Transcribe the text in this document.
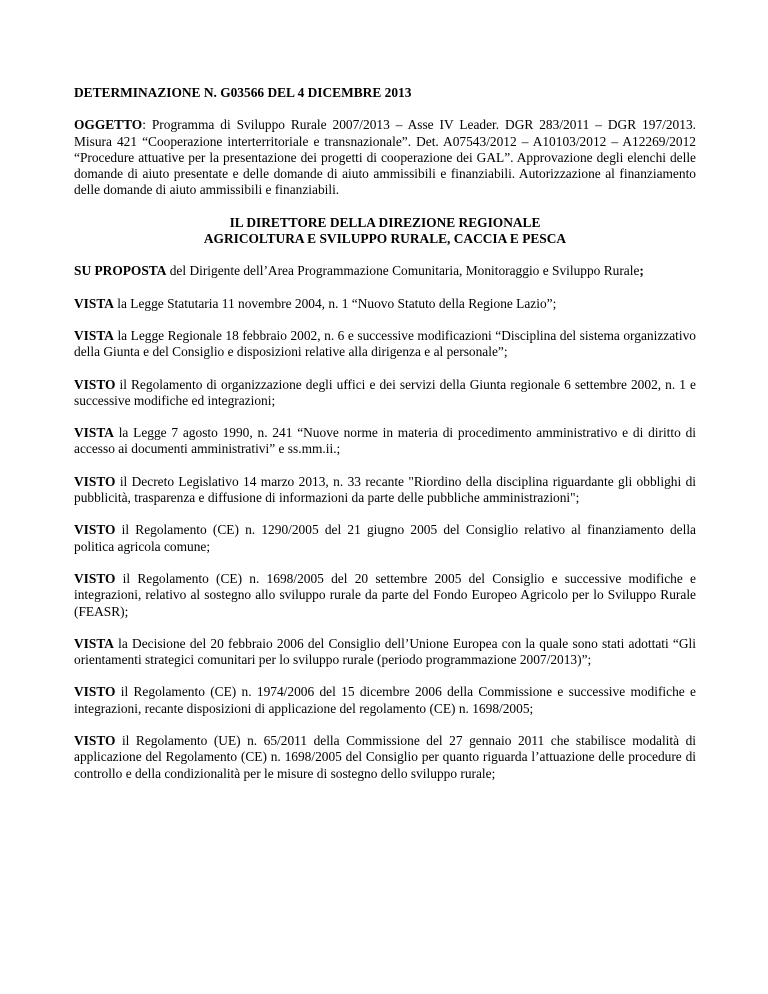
DETERMINAZIONE N. G03566 DEL 4 DICEMBRE 2013
OGGETTO: Programma di Sviluppo Rurale 2007/2013 – Asse IV Leader. DGR 283/2011 – DGR 197/2013. Misura 421 “Cooperazione interterritoriale e transnazionale”. Det. A07543/2012 – A10103/2012 – A12269/2012 “Procedure attuative per la presentazione dei progetti di cooperazione dei GAL”. Approvazione degli elenchi delle domande di aiuto presentate e delle domande di aiuto ammissibili e finanziabili. Autorizzazione al finanziamento delle domande di aiuto ammissibili e finanziabili.
IL DIRETTORE DELLA DIREZIONE REGIONALE
AGRICOLTURA E SVILUPPO RURALE, CACCIA E PESCA
SU PROPOSTA del Dirigente dell’Area Programmazione Comunitaria, Monitoraggio e Sviluppo Rurale;
VISTA la Legge Statutaria 11 novembre 2004, n. 1 “Nuovo Statuto della Regione Lazio”;
VISTA la Legge Regionale 18 febbraio 2002, n. 6 e successive modificazioni “Disciplina del sistema organizzativo della Giunta e del Consiglio e disposizioni relative alla dirigenza e al personale”;
VISTO il Regolamento di organizzazione degli uffici e dei servizi della Giunta regionale 6 settembre 2002, n. 1 e successive modifiche ed integrazioni;
VISTA la Legge 7 agosto 1990, n. 241 “Nuove norme in materia di procedimento amministrativo e di diritto di accesso ai documenti amministrativi” e ss.mm.ii.;
VISTO il Decreto Legislativo 14 marzo 2013, n. 33 recante "Riordino della disciplina riguardante gli obblighi di pubblicità, trasparenza e diffusione di informazioni da parte delle pubbliche amministrazioni";
VISTO il Regolamento (CE) n. 1290/2005 del 21 giugno 2005 del Consiglio relativo al finanziamento della politica agricola comune;
VISTO il Regolamento (CE) n. 1698/2005 del 20 settembre 2005 del Consiglio e successive modifiche e integrazioni, relativo al sostegno allo sviluppo rurale da parte del Fondo Europeo Agricolo per lo Sviluppo Rurale (FEASR);
VISTA la Decisione del 20 febbraio 2006 del Consiglio dell’Unione Europea con la quale sono stati adottati “Gli orientamenti strategici comunitari per lo sviluppo rurale (periodo programmazione 2007/2013)”;
VISTO il Regolamento (CE) n. 1974/2006 del 15 dicembre 2006 della Commissione e successive modifiche e integrazioni, recante disposizioni di applicazione del regolamento (CE) n. 1698/2005;
VISTO il Regolamento (UE) n. 65/2011 della Commissione del 27 gennaio 2011 che stabilisce modalità di applicazione del Regolamento (CE) n. 1698/2005 del Consiglio per quanto riguarda l’attuazione delle procedure di controllo e della condizionalità per le misure di sostegno dello sviluppo rurale;
